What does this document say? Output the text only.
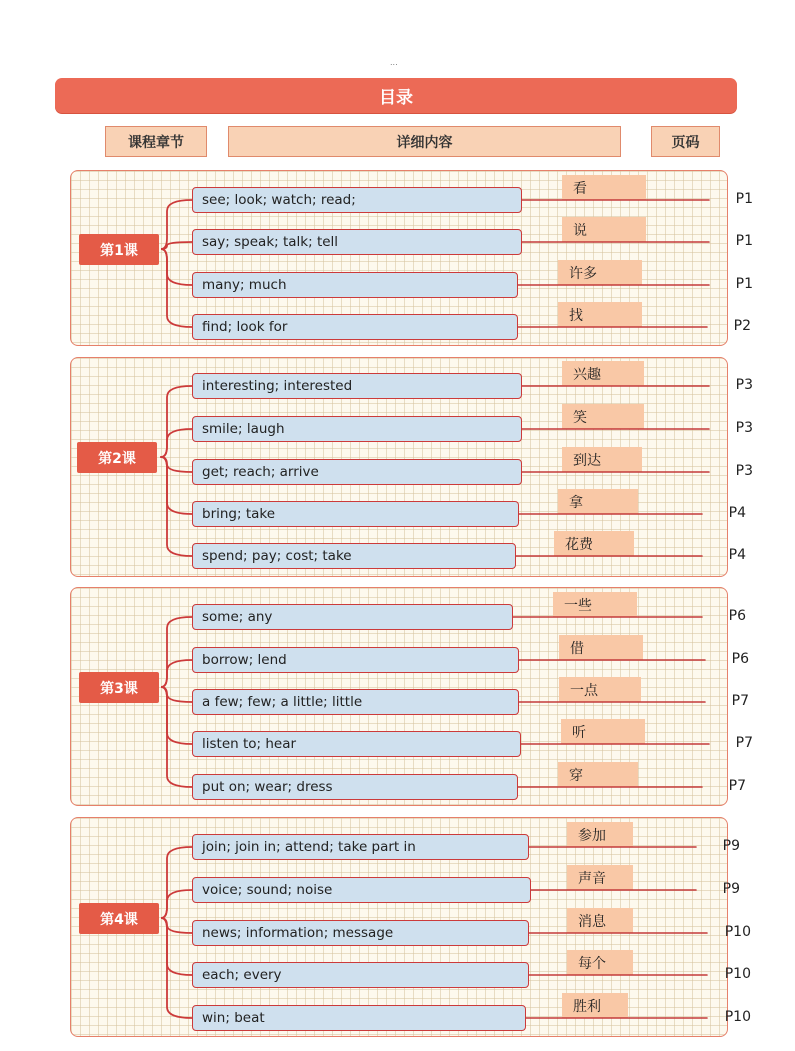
...
目录
课程章节	详细内容	页码
第1课
see; look; watch; read;
看
P1
say; speak; talk; tell
说
P1
many; much
许多
P1
find; look for
找
P2
第2课
interesting; interested
兴趣
P3
smile; laugh
笑
P3
get; reach; arrive
到达
P3
bring; take
拿
P4
spend; pay; cost; take
花费
P4
第3课
some; any
一些
P6
borrow; lend
借
P6
a few; few; a little; little
一点
P7
listen to; hear
听
P7
put on; wear; dress
穿
P7
第4课
join; join in; attend; take part in
参加
P9
voice; sound; noise
声音
P9
news; information; message
消息
P10
each; every
每个
P10
win; beat
胜利
P10
